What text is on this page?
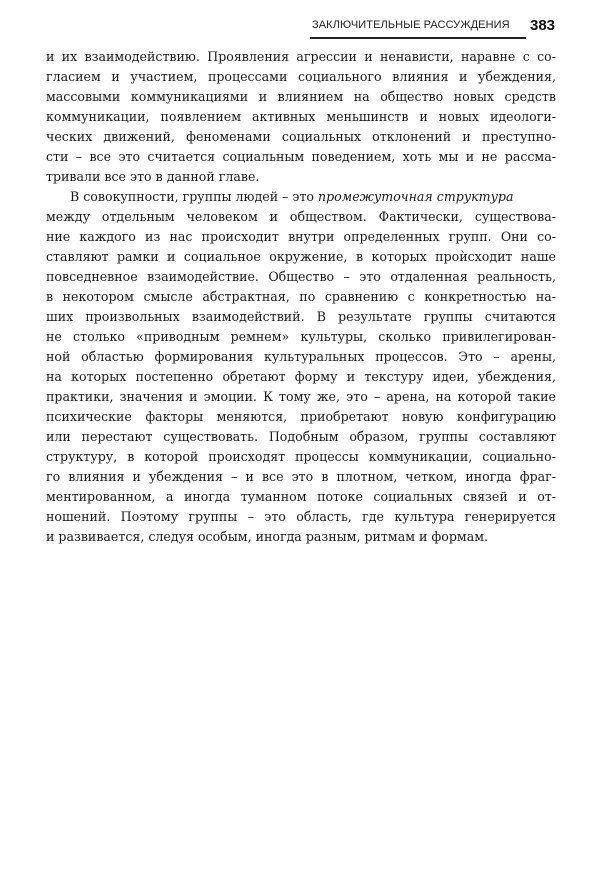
ЗАКЛЮЧИТЕЛЬНЫЕ РАССУЖДЕНИЯ	383
и их взаимодействию. Проявления агрессии и ненависти, наравне с со-
гласием и участием, процессами социального влияния и убеждения,
массовыми коммуникациями и влиянием на общество новых средств
коммуникации, появлением активных меньшинств и новых идеологи-
ческих движений, феноменами социальных отклонений и преступно-
сти – все это считается социальным поведением, хоть мы и не рассма-
тривали все это в данной главе.
В совокупности, группы людей – это промежуточная структура
между отдельным человеком и обществом. Фактически, существова-
ние каждого из нас происходит внутри определенных групп. Они со-
ставляют рамки и социальное окружение, в которых проѝсходит наше
повседневное взаимодействие. Общество – это отдаленная реальность,
в некотором смысле абстрактная, по сравнению с конкретностью на-
ших произвольных взаимодействий. В результате группы считаются
не столько «приводным ремнем» культуры, сколько привилегирован-
ной областью формирования культуральных процессов. Это – арены,
на которых постепенно обретают форму и текстуру идеи, убеждения,
практики, значения и эмоции. К тому же, это – арена, на которой такие
психические факторы меняются, приобретают новую конфигурацию
или перестают существовать. Подобным образом, группы составляют
структуру, в которой происходят процессы коммуникации, социально-
го влияния и убеждения – и все это в плотном, четком, иногда фраг-
ментированном, а иногда туманном потоке социальных связей и от-
ношений. Поэтому группы – это область, где культура генерируется
и развивается, следуя особым, иногда разным, ритмам и формам.
